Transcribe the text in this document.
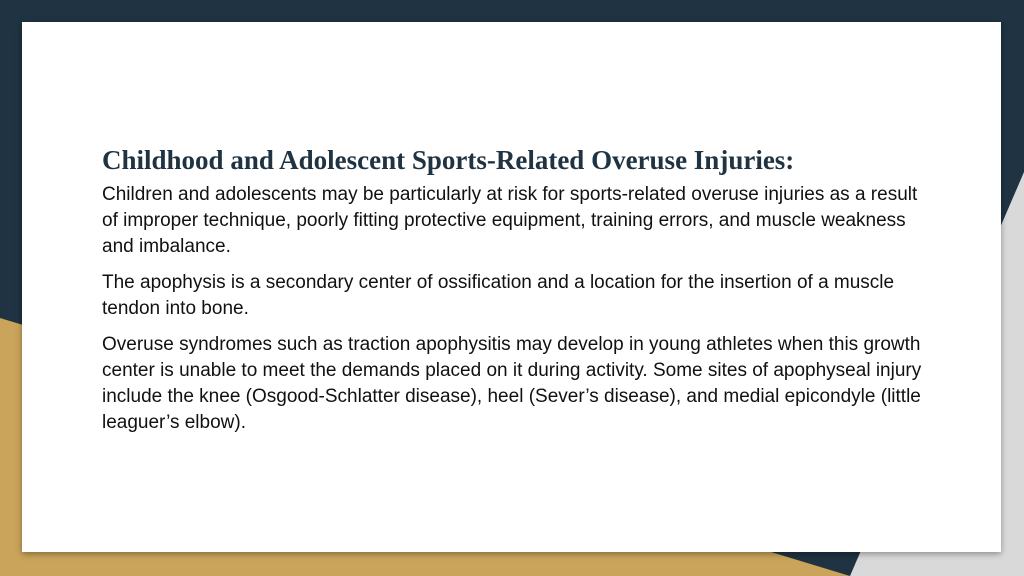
Childhood and Adolescent Sports-Related Overuse Injuries:

Children and adolescents may be particularly at risk for sports-related overuse injuries as a result of improper technique, poorly fitting protective equipment, training errors, and muscle weakness and imbalance.

The apophysis is a secondary center of ossification and a location for the insertion of a muscle tendon into bone.

Overuse syndromes such as traction apophysitis may develop in young athletes when this growth center is unable to meet the demands placed on it during activity. Some sites of apophyseal injury include the knee (Osgood-Schlatter disease), heel (Sever’s disease), and medial epicondyle (little leaguer’s elbow).
